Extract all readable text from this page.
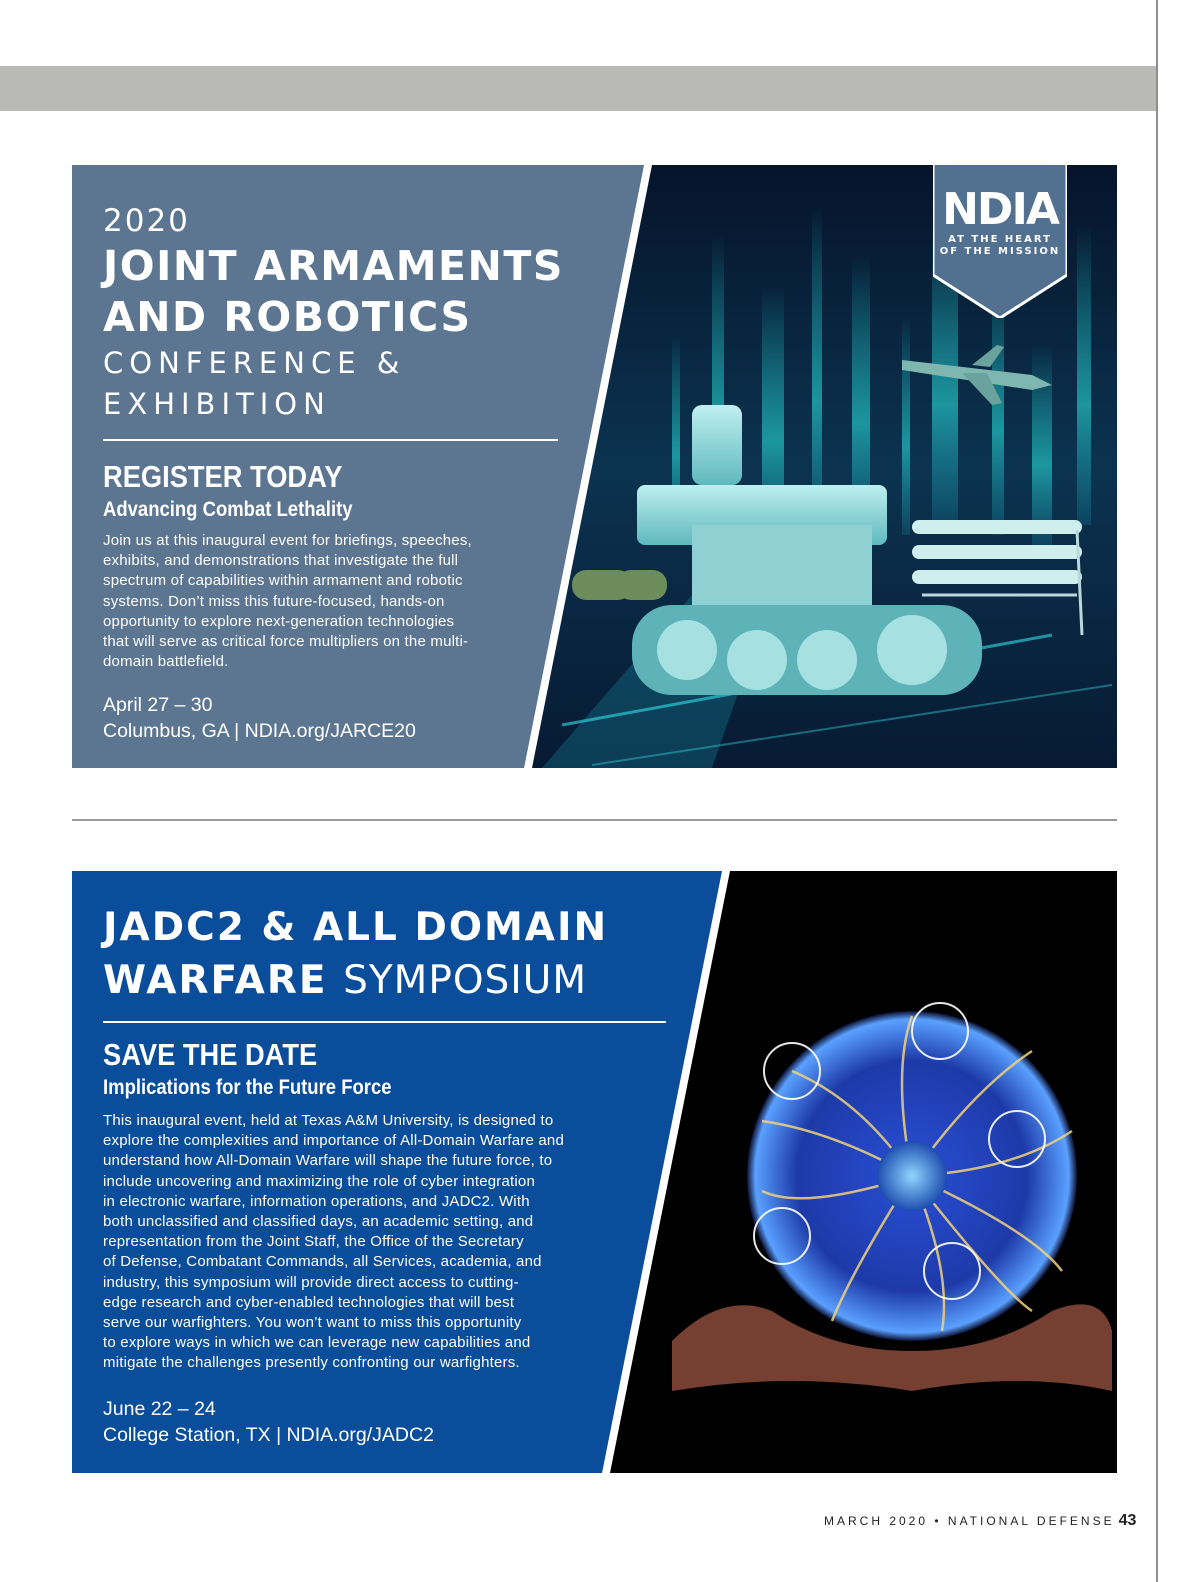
NDIA
AT THE HEART
OF THE MISSION
2020
JOINT ARMAMENTS
AND ROBOTICS
CONFERENCE &
EXHIBITION
REGISTER TODAY
Advancing Combat Lethality
Join us at this inaugural event for briefings, speeches,
exhibits, and demonstrations that investigate the full
spectrum of capabilities within armament and robotic
systems. Don’t miss this future-focused, hands-on
opportunity to explore next-generation technologies
that will serve as critical force multipliers on the multi-
domain battlefield.
April 27 – 30
Columbus, GA | NDIA.org/JARCE20
JADC2 & ALL DOMAIN
WARFARE SYMPOSIUM
SAVE THE DATE
Implications for the Future Force
This inaugural event, held at Texas A&M University, is designed to
explore the complexities and importance of All-Domain Warfare and
understand how All-Domain Warfare will shape the future force, to
include uncovering and maximizing the role of cyber integration
in electronic warfare, information operations, and JADC2. With
both unclassified and classified days, an academic setting, and
representation from the Joint Staff, the Office of the Secretary
of Defense, Combatant Commands, all Services, academia, and
industry, this symposium will provide direct access to cutting-
edge research and cyber-enabled technologies that will best
serve our warfighters. You won’t want to miss this opportunity
to explore ways in which we can leverage new capabilities and
mitigate the challenges presently confronting our warfighters.
June 22 – 24
College Station, TX | NDIA.org/JADC2
MARCH 2020 • NATIONAL DEFENSE 43
